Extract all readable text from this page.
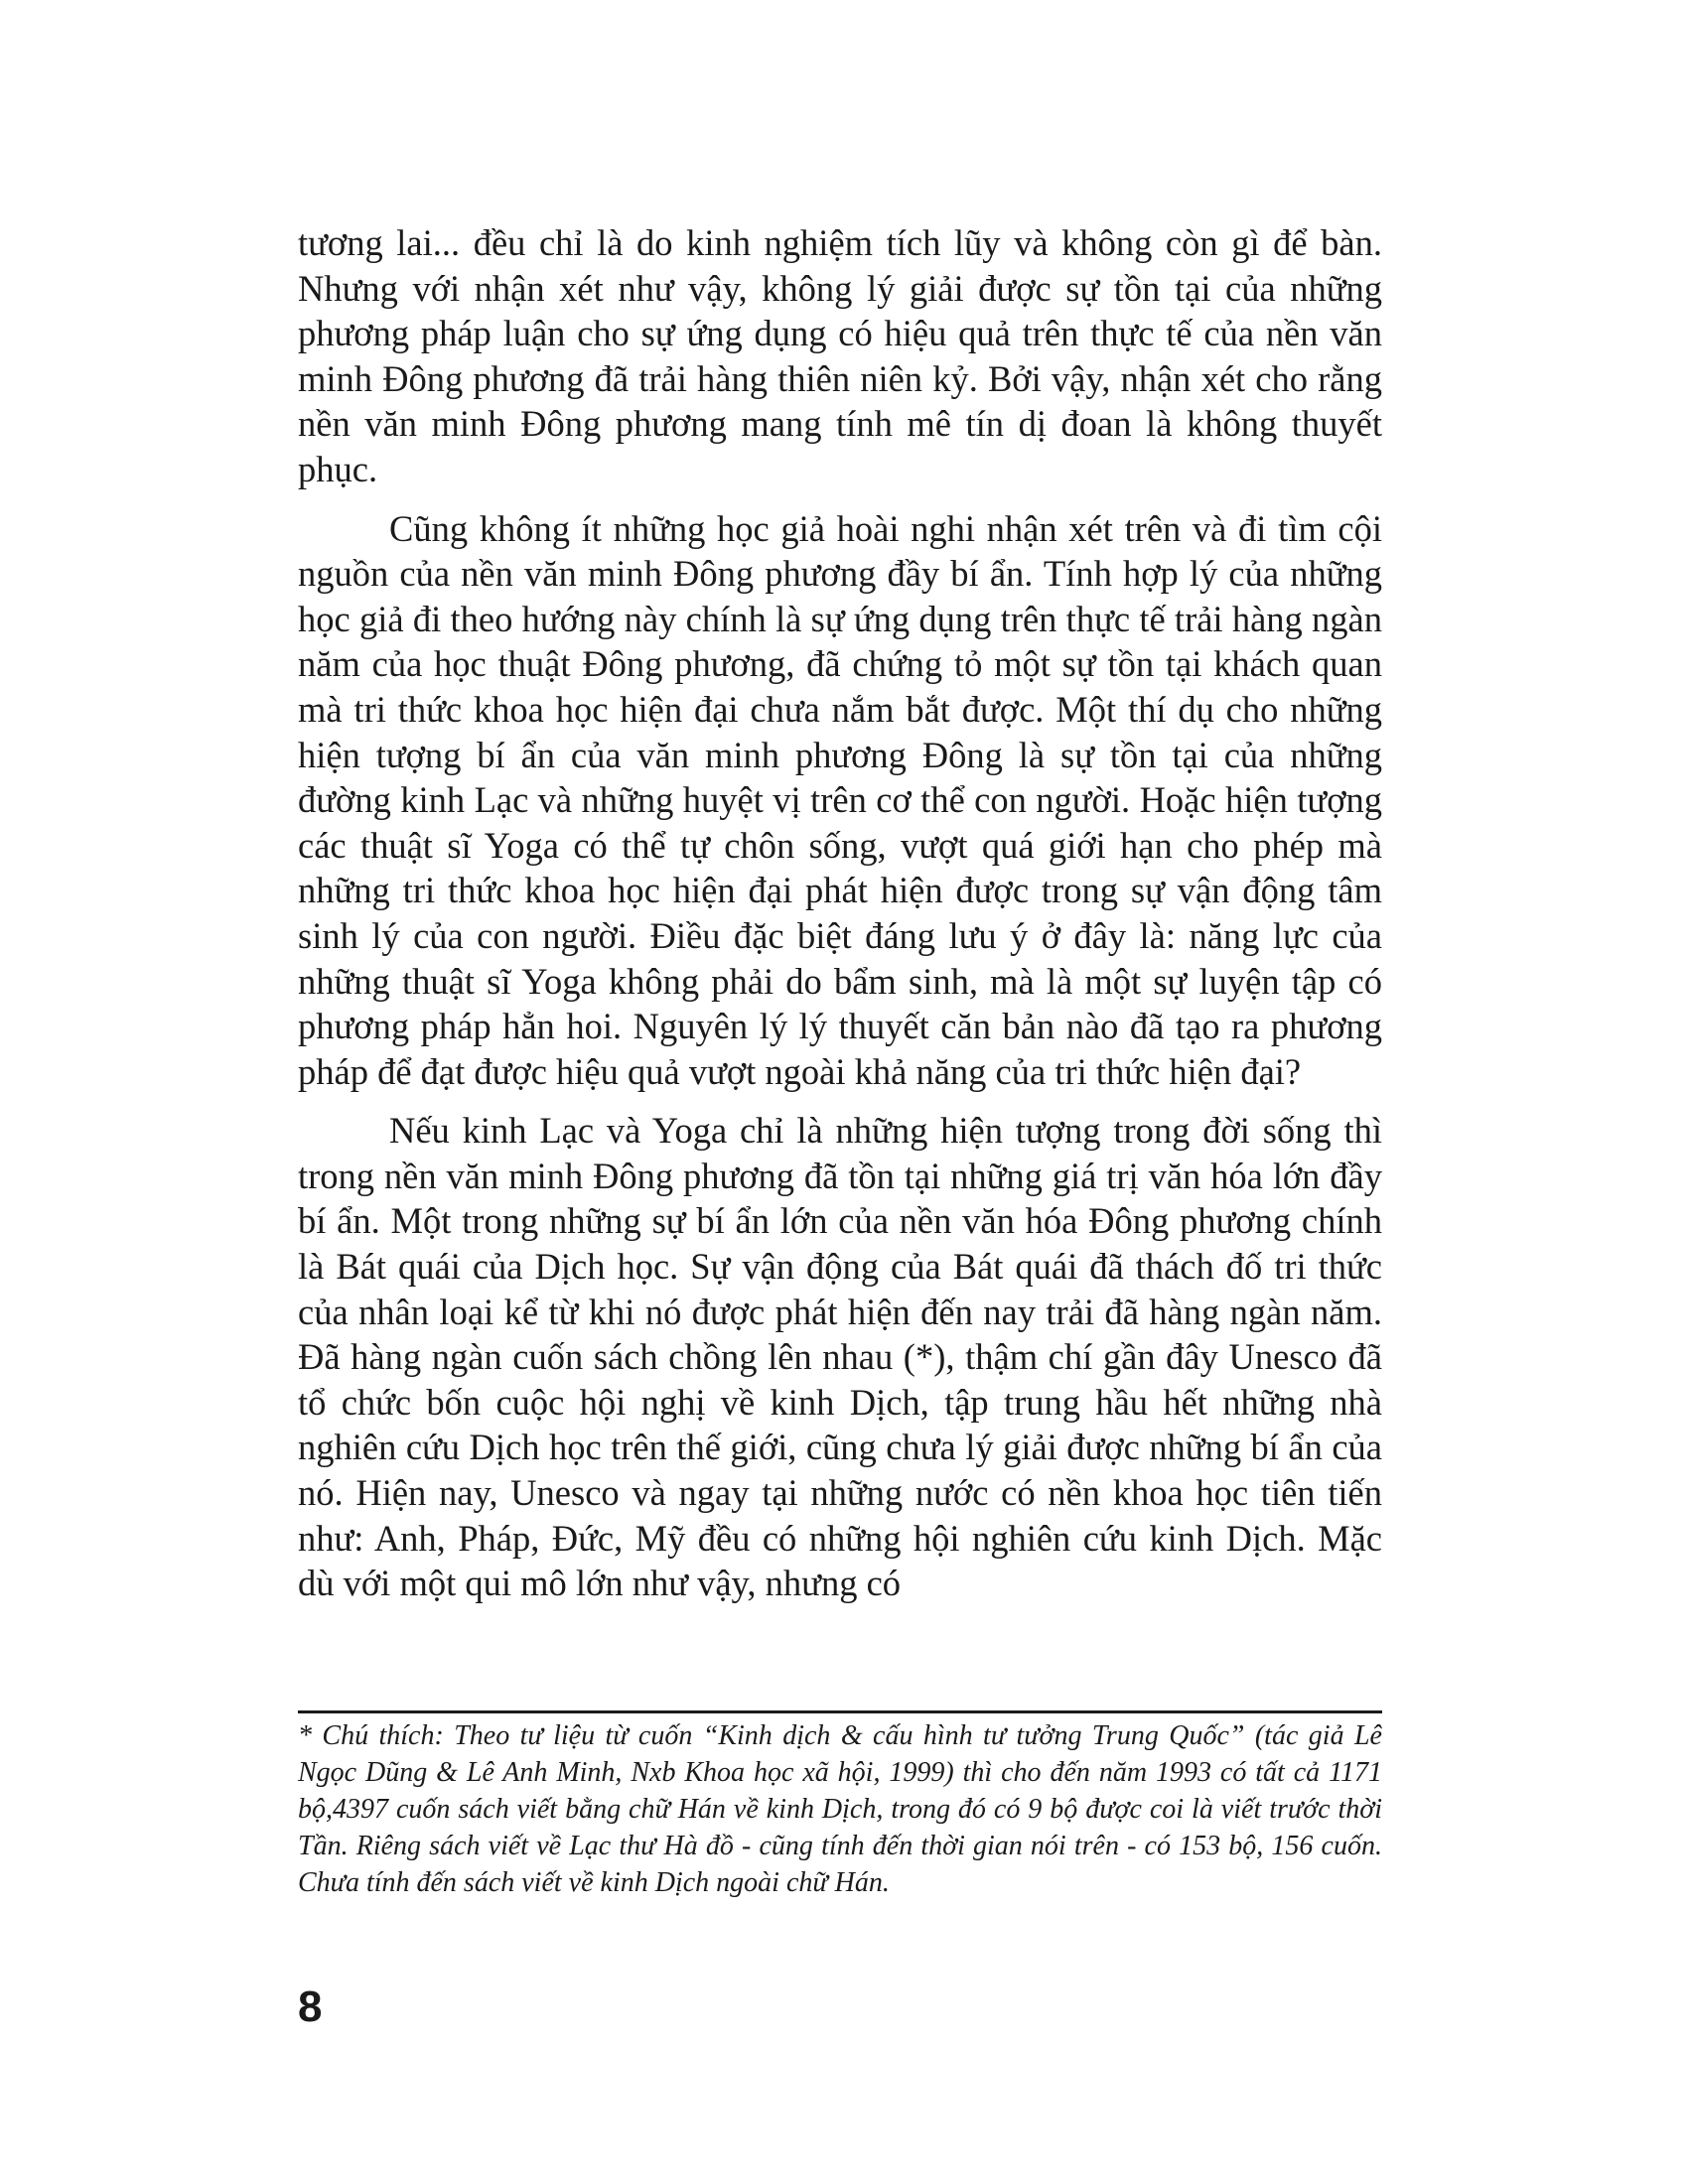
tương lai... đều chỉ là do kinh nghiệm tích lũy và không còn gì để bàn. Nhưng với nhận xét như vậy, không lý giải được sự tồn tại của những phương pháp luận cho sự ứng dụng có hiệu quả trên thực tế của nền văn minh Đông phương đã trải hàng thiên niên kỷ. Bởi vậy, nhận xét cho rằng nền văn minh Đông phương mang tính mê tín dị đoan là không thuyết phục.

Cũng không ít những học giả hoài nghi nhận xét trên và đi tìm cội nguồn của nền văn minh Đông phương đầy bí ẩn. Tính hợp lý của những học giả đi theo hướng này chính là sự ứng dụng trên thực tế trải hàng ngàn năm của học thuật Đông phương, đã chứng tỏ một sự tồn tại khách quan mà tri thức khoa học hiện đại chưa nắm bắt được. Một thí dụ cho những hiện tượng bí ẩn của văn minh phương Đông là sự tồn tại của những đường kinh Lạc và những huyệt vị trên cơ thể con người. Hoặc hiện tượng các thuật sĩ Yoga có thể tự chôn sống, vượt quá giới hạn cho phép mà những tri thức khoa học hiện đại phát hiện được trong sự vận động tâm sinh lý của con người. Điều đặc biệt đáng lưu ý ở đây là: năng lực của những thuật sĩ Yoga không phải do bẩm sinh, mà là một sự luyện tập có phương pháp hẳn hoi. Nguyên lý lý thuyết căn bản nào đã tạo ra phương pháp để đạt được hiệu quả vượt ngoài khả năng của tri thức hiện đại?

Nếu kinh Lạc và Yoga chỉ là những hiện tượng trong đời sống thì trong nền văn minh Đông phương đã tồn tại những giá trị văn hóa lớn đầy bí ẩn. Một trong những sự bí ẩn lớn của nền văn hóa Đông phương chính là Bát quái của Dịch học. Sự vận động của Bát quái đã thách đố tri thức của nhân loại kể từ khi nó được phát hiện đến nay trải đã hàng ngàn năm. Đã hàng ngàn cuốn sách chồng lên nhau (*), thậm chí gần đây Unesco đã tổ chức bốn cuộc hội nghị về kinh Dịch, tập trung hầu hết những nhà nghiên cứu Dịch học trên thế giới, cũng chưa lý giải được những bí ẩn của nó. Hiện nay, Unesco và ngay tại những nước có nền khoa học tiên tiến như: Anh, Pháp, Đức, Mỹ đều có những hội nghiên cứu kinh Dịch. Mặc dù với một qui mô lớn như vậy, nhưng có

* Chú thích: Theo tư liệu từ cuốn “Kinh dịch & cấu hình tư tưởng Trung Quốc” (tác giả Lê Ngọc Dũng & Lê Anh Minh, Nxb Khoa học xã hội, 1999) thì cho đến năm 1993 có tất cả 1171 bộ,4397 cuốn sách viết bằng chữ Hán về kinh Dịch, trong đó có 9 bộ được coi là viết trước thời Tần. Riêng sách viết về Lạc thư Hà đồ - cũng tính đến thời gian nói trên - có 153 bộ, 156 cuốn. Chưa tính đến sách viết về kinh Dịch ngoài chữ Hán.

8
